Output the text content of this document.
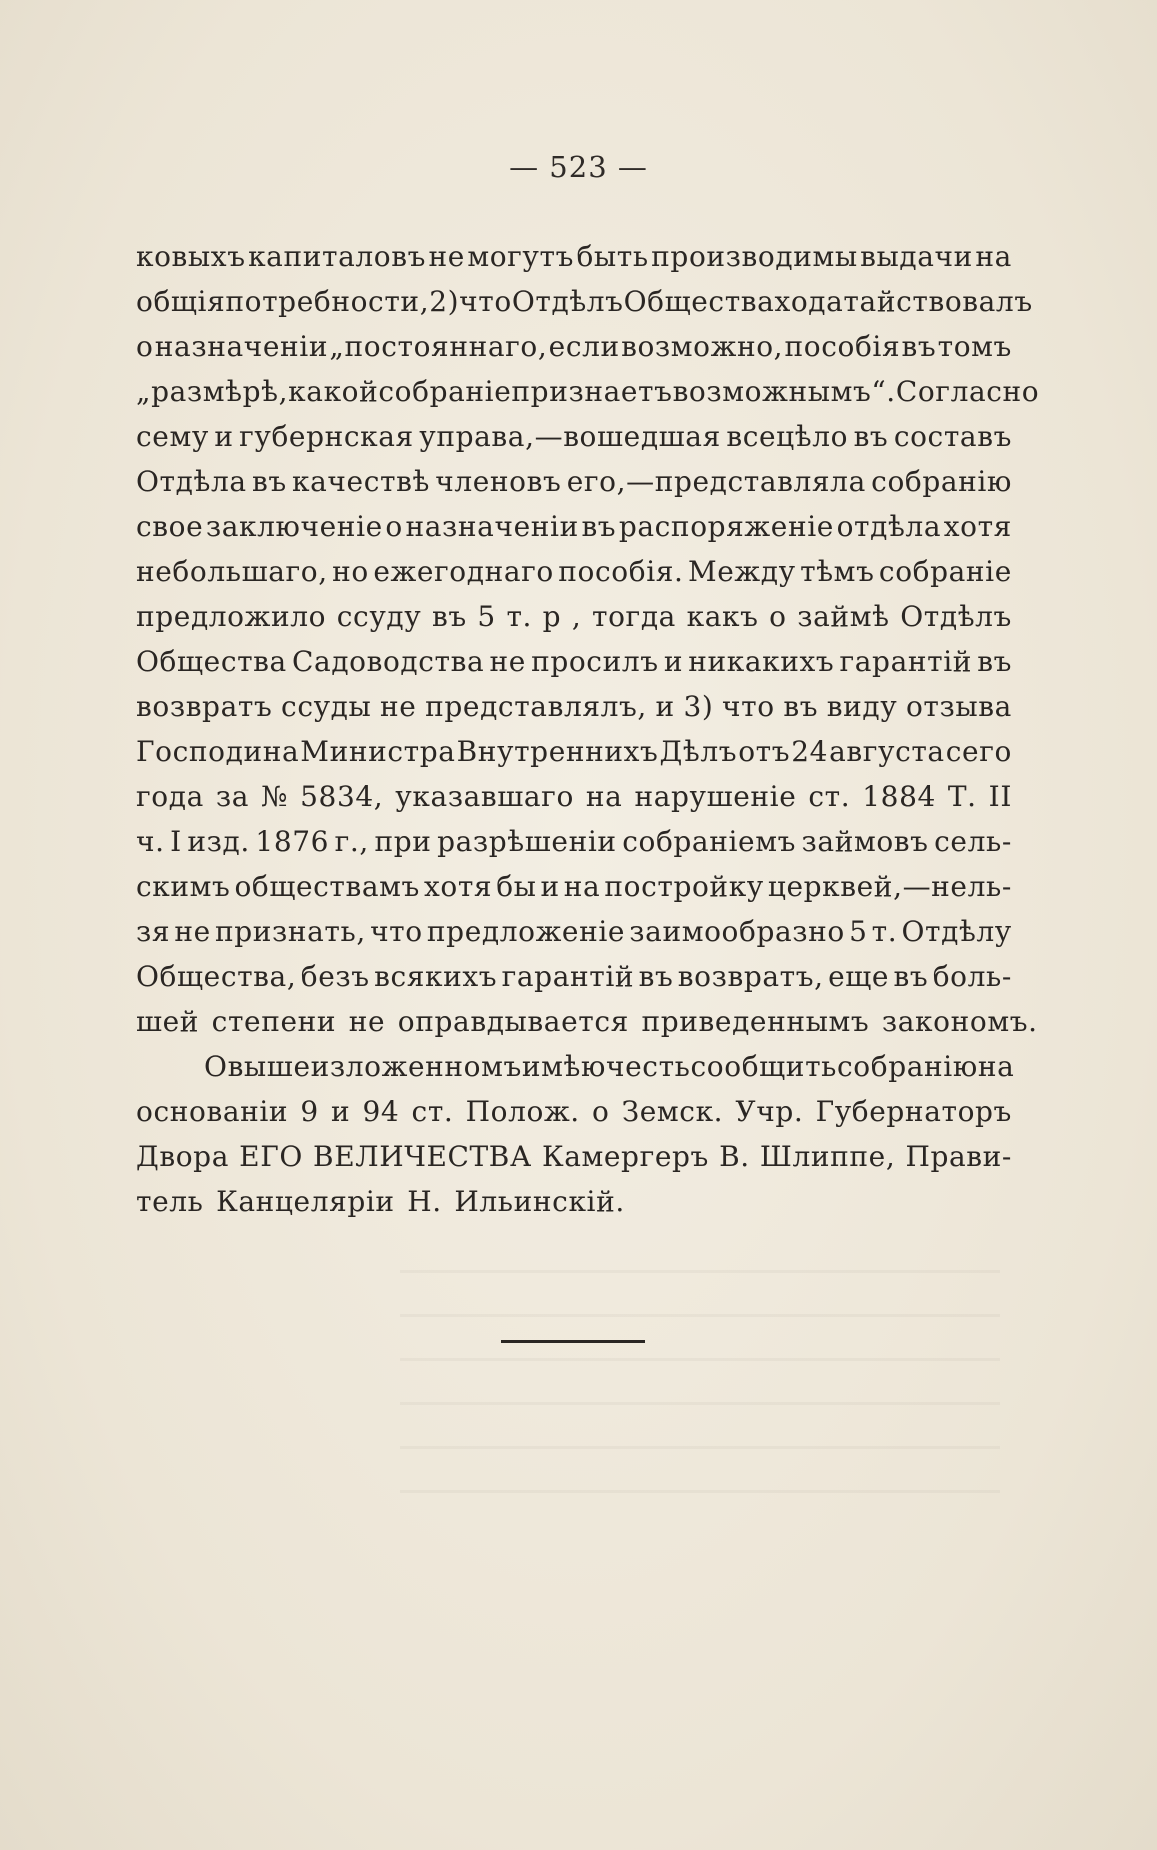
— 523 —
ковыхъ капиталовъ не могутъ быть производимы выдачи на
общія потребности, 2) что Отдѣлъ Общества ходатайствовалъ
о назначеніи „постояннаго, если возможно, пособія въ томъ
„размѣрѣ, какой собраніе признаетъ возможнымъ“. Согласно
сему и губернская управа,—вошедшая всецѣло въ составъ
Отдѣла въ качествѣ членовъ его,—представляла собранію
свое заключеніе о назначеніи въ распоряженіе отдѣла хотя
небольшаго, но ежегоднаго пособія. Между тѣмъ собраніе
предложило ссуду въ 5 т. р , тогда какъ о займѣ Отдѣлъ
Общества Садоводства не просилъ и никакихъ гарантій въ
возвратъ ссуды не представлялъ, и 3) что въ виду отзыва
Господина Министра Внутреннихъ Дѣлъ отъ 24 августа сего
года за № 5834, указавшаго на нарушеніе ст. 1884 Т. II
ч. I изд. 1876 г., при разрѣшеніи собраніемъ займовъ сель-
скимъ обществамъ хотя бы и на постройку церквей,—нель-
зя не признать, что предложеніе заимообразно 5 т. Отдѣлу
Общества, безъ всякихъ гарантій въ возвратъ, еще въ боль-
шей степени не оправдывается приведеннымъ закономъ.
О вышеизложенномъ имѣю честь сообщить собранію на
основаніи 9 и 94 ст. Полож. о Земск. Учр. Губернаторъ
Двора ЕГО ВЕЛИЧЕСТВА Камергеръ В. Шлиппе, Прави-
тель Канцеляріи Н. Ильинскій.
